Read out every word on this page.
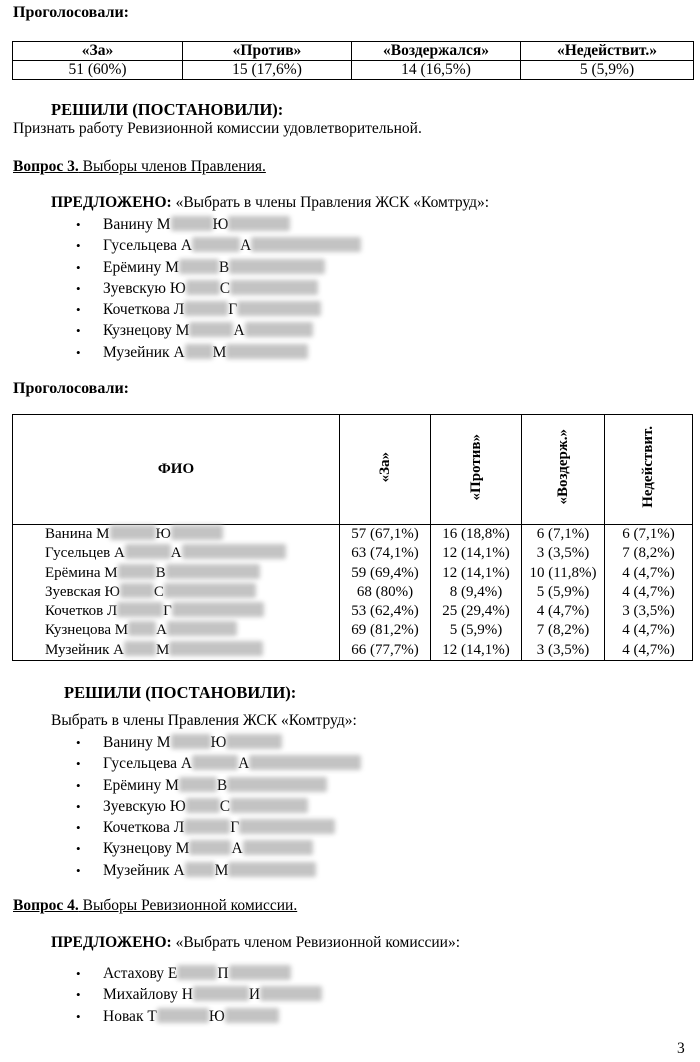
Проголосовали:
«За»	«Против»	«Воздержался»	«Недействит.»
51 (60%)	15 (17,6%)	14 (16,5%)	5 (5,9%)
РЕШИЛИ (ПОСТАНОВИЛИ):
Признать работу Ревизионной комиссии удовлетворительной.
Вопрос 3. Выборы членов Правления.
ПРЕДЛОЖЕНО: «Выбрать в члены Правления ЖСК «Комтруд»:
• Ванину М	Ю
• Гусельцева А	А
• Ерёмину М	В
• Зуевскую Ю С
• Кочеткова Л	Г
• Кузнецову М	А
• Музейник А М
Проголосовали:
ФИО	«За»	«Против»	«Воздерж.»	Недействит.
Ванина М Ю	57 (67,1%)	16 (18,8%)	6 (7,1%)	6 (7,1%)
Гусельцев А А	63 (74,1%)	12 (14,1%)	3 (3,5%)	7 (8,2%)
Ерёмина М В	59 (69,4%)	12 (14,1%)	10 (11,8%)	4 (4,7%)
Зуевская Ю С	68 (80%)	8 (9,4%)	5 (5,9%)	4 (4,7%)
Кочетков Л Г	53 (62,4%)	25 (29,4%)	4 (4,7%)	3 (3,5%)
Кузнецова М А	69 (81,2%)	5 (5,9%)	7 (8,2%)	4 (4,7%)
Музейник А М	66 (77,7%)	12 (14,1%)	3 (3,5%)	4 (4,7%)
РЕШИЛИ (ПОСТАНОВИЛИ):
Выбрать в члены Правления ЖСК «Комтруд»:
• Ванину М	Ю
• Гусельцева А	А
• Ерёмину М В
• Зуевскую Ю С
• Кочеткова Л	Г
• Кузнецову М	А
• Музейник А М
Вопрос 4. Выборы Ревизионной комиссии.
ПРЕДЛОЖЕНО: «Выбрать членом Ревизионной комиссии»:
• Астахову Е	П
• Михайлову Н	И
• Новак Т	Ю
3
